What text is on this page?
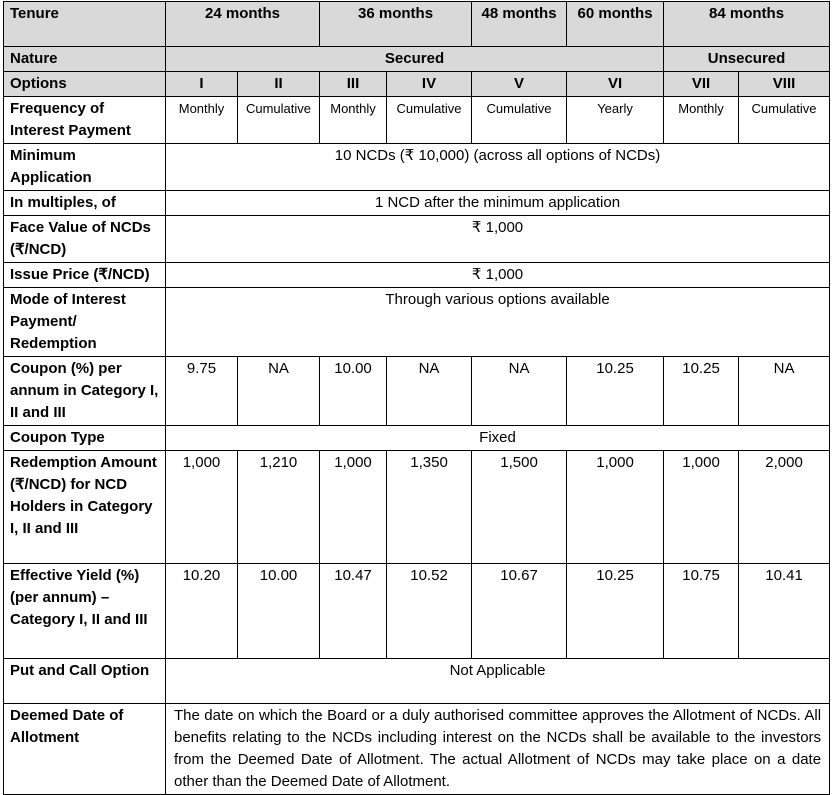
Tenure	24 months		36 months		48 months	60 months	84 months	
Nature	Secured						Unsecured	
Options	I	II	III	IV	V	VI	VII	VIII
Frequency of Interest Payment	Monthly	Cumulative	Monthly	Cumulative	Cumulative	Yearly	Monthly	Cumulative
Minimum Application	10 NCDs (₹ 10,000) (across all options of NCDs)							
In multiples, of	1 NCD after the minimum application							
Face Value of NCDs (₹/NCD)	₹ 1,000							
Issue Price (₹/NCD)	₹ 1,000							
Mode of Interest Payment/ Redemption	Through various options available							
Coupon (%) per annum in Category I, II and III	9.75	NA	10.00	NA	NA	10.25	10.25	NA
Coupon Type	Fixed							
Redemption Amount (₹/NCD) for NCD Holders in Category I, II and III	1,000	1,210	1,000	1,350	1,500	1,000	1,000	2,000
Effective Yield (%) (per annum) – Category I, II and III	10.20	10.00	10.47	10.52	10.67	10.25	10.75	10.41
Put and Call Option	Not Applicable							
Deemed Date of Allotment	The date on which the Board or a duly authorised committee approves the Allotment of NCDs. All benefits relating to the NCDs including interest on the NCDs shall be available to the investors from the Deemed Date of Allotment. The actual Allotment of NCDs may take place on a date other than the Deemed Date of Allotment.							
